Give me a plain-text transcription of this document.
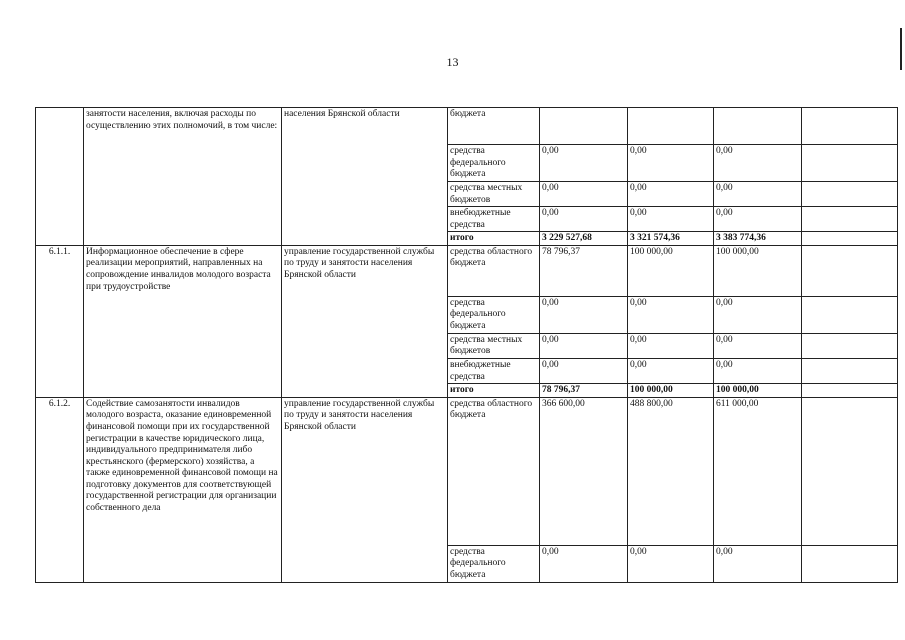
13
	занятости населения, включая расходы по осуществлению этих полномочий, в том числе:	населения Брянской области	бюджета				
			средства федерального бюджета	0,00	0,00	0,00	
			средства местных бюджетов	0,00	0,00	0,00	
			внебюджетные средства	0,00	0,00	0,00	
			итого	3 229 527,68	3 321 574,36	3 383 774,36	
6.1.1.	Информационное обеспечение в сфере реализации мероприятий, направленных на сопровождение инвалидов молодого возраста при трудоустройстве	управление государственной службы по труду и занятости населения Брянской области	средства областного бюджета	78 796,37	100 000,00	100 000,00	
			средства федерального бюджета	0,00	0,00	0,00	
			средства местных бюджетов	0,00	0,00	0,00	
			внебюджетные средства	0,00	0,00	0,00	
			итого	78 796,37	100 000,00	100 000,00	
6.1.2.	Содействие самозанятости инвалидов молодого возраста, оказание единовременной финансовой помощи при их государственной регистрации в качестве юридического лица, индивидуального предпринимателя либо крестьянского (фермерского) хозяйства, а также единовременной финансовой помощи на подготовку документов для соответствующей государственной регистрации для организации собственного дела	управление государственной службы по труду и занятости населения Брянской области	средства областного бюджета	366 600,00	488 800,00	611 000,00	
			средства федерального бюджета	0,00	0,00	0,00	
